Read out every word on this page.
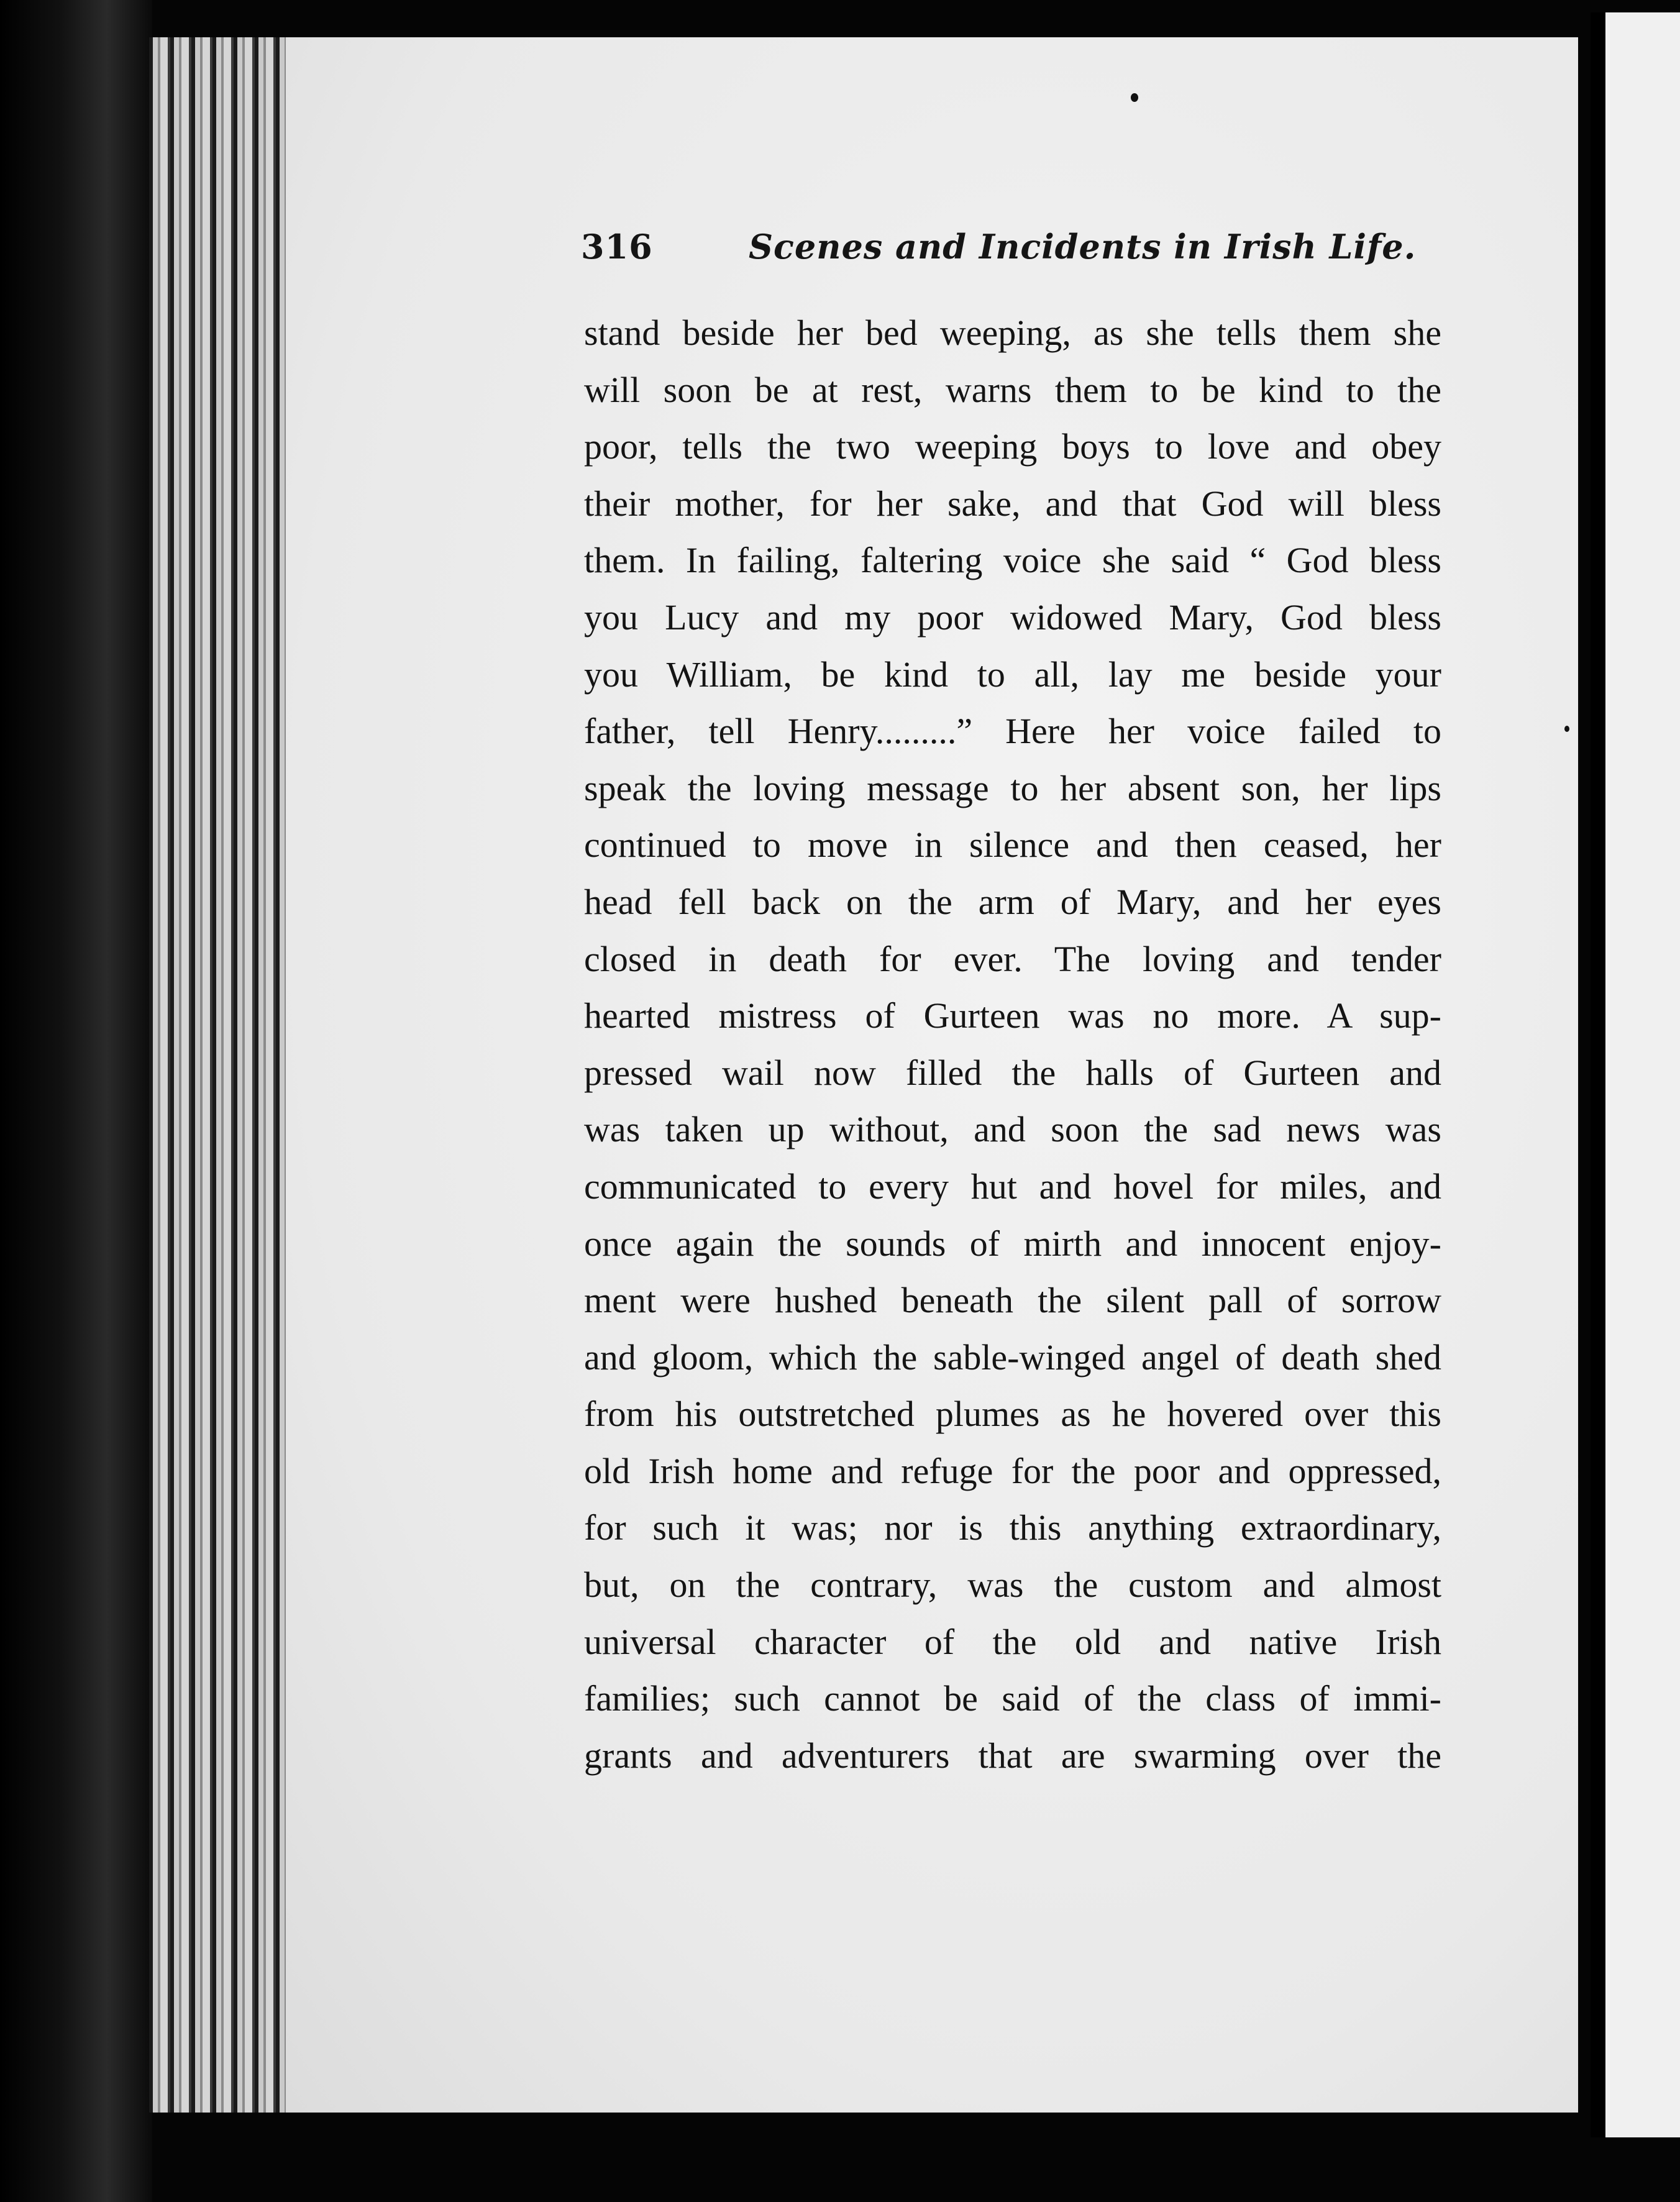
316	Scenes and Incidents in Irish Life.
stand beside her bed weeping, as she tells them she
will soon be at rest, warns them to be kind to the
poor, tells the two weeping boys to love and obey
their mother, for her sake, and that God will bless
them. In failing, faltering voice she said “ God bless
you Lucy and my poor widowed Mary, God bless
you William, be kind to all, lay me beside your
father, tell Henry.........” Here her voice failed to
speak the loving message to her absent son, her lips
continued to move in silence and then ceased, her
head fell back on the arm of Mary, and her eyes
closed in death for ever. The loving and tender
hearted mistress of Gurteen was no more. A sup-
pressed wail now filled the halls of Gurteen and
was taken up without, and soon the sad news was
communicated to every hut and hovel for miles, and
once again the sounds of mirth and innocent enjoy-
ment were hushed beneath the silent pall of sorrow
and gloom, which the sable-winged angel of death shed
from his outstretched plumes as he hovered over this
old Irish home and refuge for the poor and oppressed,
for such it was; nor is this anything extraordinary,
but, on the contrary, was the custom and almost
universal character of the old and native Irish
families; such cannot be said of the class of immi-
grants and adventurers that are swarming over the
